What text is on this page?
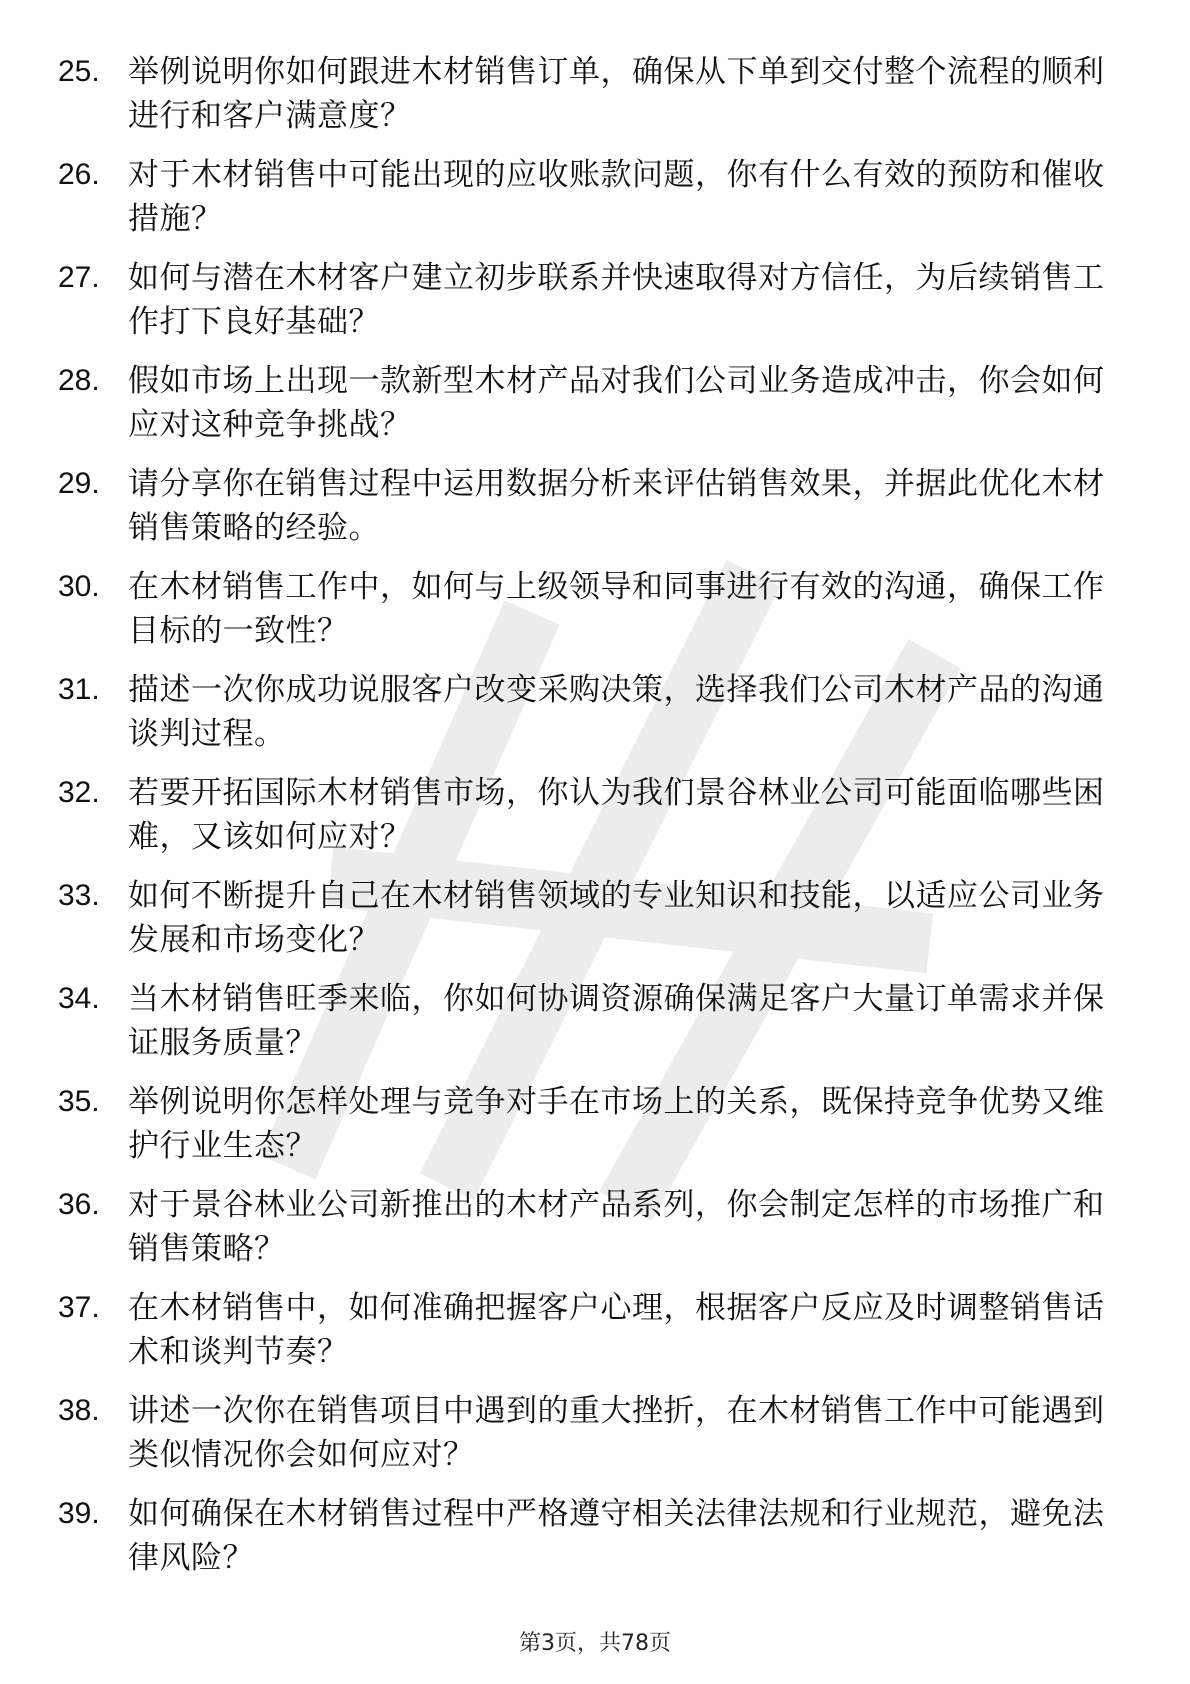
25. 举例说明你如何跟进木材销售订单，确保从下单到交付整个流程的顺利进行和客户满意度？
26. 对于木材销售中可能出现的应收账款问题，你有什么有效的预防和催收措施？
27. 如何与潜在木材客户建立初步联系并快速取得对方信任，为后续销售工作打下良好基础？
28. 假如市场上出现一款新型木材产品对我们公司业务造成冲击，你会如何应对这种竞争挑战？
29. 请分享你在销售过程中运用数据分析来评估销售效果，并据此优化木材销售策略的经验。
30. 在木材销售工作中，如何与上级领导和同事进行有效的沟通，确保工作目标的一致性？
31. 描述一次你成功说服客户改变采购决策，选择我们公司木材产品的沟通谈判过程。
32. 若要开拓国际木材销售市场，你认为我们景谷林业公司可能面临哪些困难，又该如何应对？
33. 如何不断提升自己在木材销售领域的专业知识和技能，以适应公司业务发展和市场变化？
34. 当木材销售旺季来临，你如何协调资源确保满足客户大量订单需求并保证服务质量？
35. 举例说明你怎样处理与竞争对手在市场上的关系，既保持竞争优势又维护行业生态？
36. 对于景谷林业公司新推出的木材产品系列，你会制定怎样的市场推广和销售策略？
37. 在木材销售中，如何准确把握客户心理，根据客户反应及时调整销售话术和谈判节奏？
38. 讲述一次你在销售项目中遇到的重大挫折，在木材销售工作中可能遇到类似情况你会如何应对？
39. 如何确保在木材销售过程中严格遵守相关法律法规和行业规范，避免法律风险？
第3页，共78页
